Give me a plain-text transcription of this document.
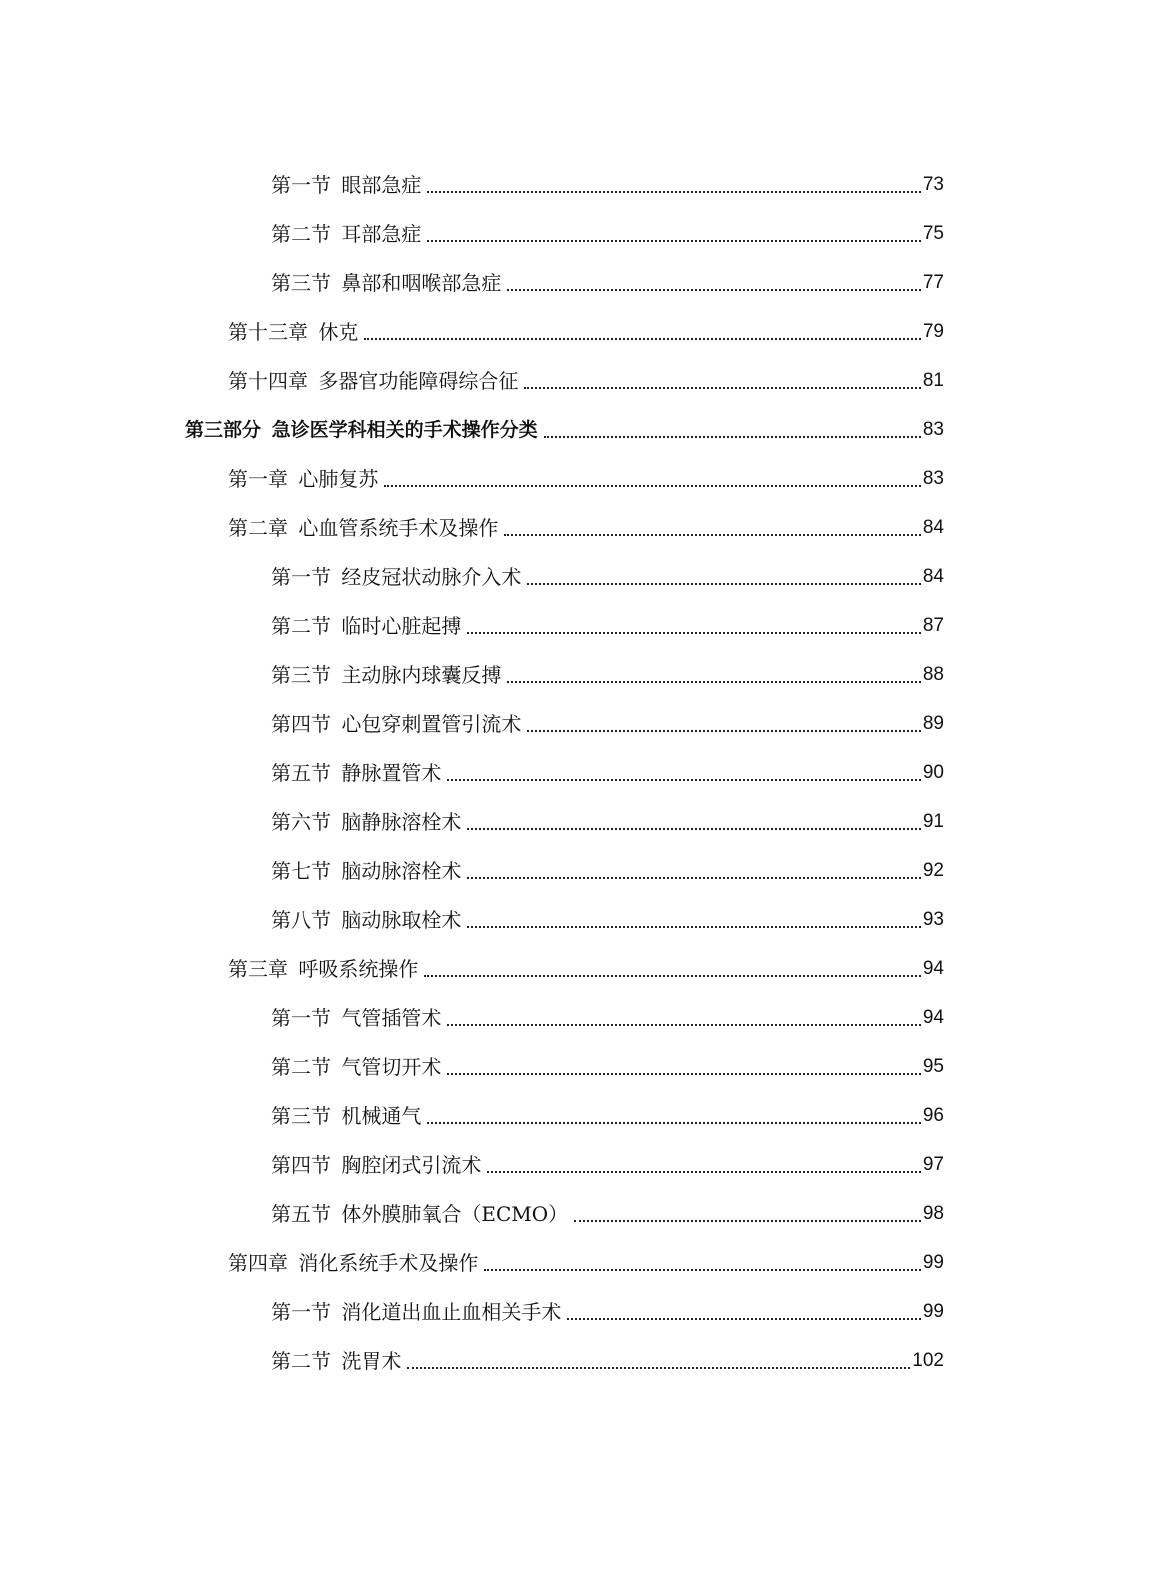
第一节 眼部急症	73
第二节 耳部急症	75
第三节 鼻部和咽喉部急症	77
第十三章 休克	79
第十四章 多器官功能障碍综合征	81
第三部分 急诊医学科相关的手术操作分类	83
第一章 心肺复苏	83
第二章 心血管系统手术及操作	84
第一节 经皮冠状动脉介入术	84
第二节 临时心脏起搏	87
第三节 主动脉内球囊反搏	88
第四节 心包穿刺置管引流术	89
第五节 静脉置管术	90
第六节 脑静脉溶栓术	91
第七节 脑动脉溶栓术	92
第八节 脑动脉取栓术	93
第三章 呼吸系统操作	94
第一节 气管插管术	94
第二节 气管切开术	95
第三节 机械通气	96
第四节 胸腔闭式引流术	97
第五节 体外膜肺氧合（ECMO）	98
第四章 消化系统手术及操作	99
第一节 消化道出血止血相关手术	99
第二节 洗胃术	102
